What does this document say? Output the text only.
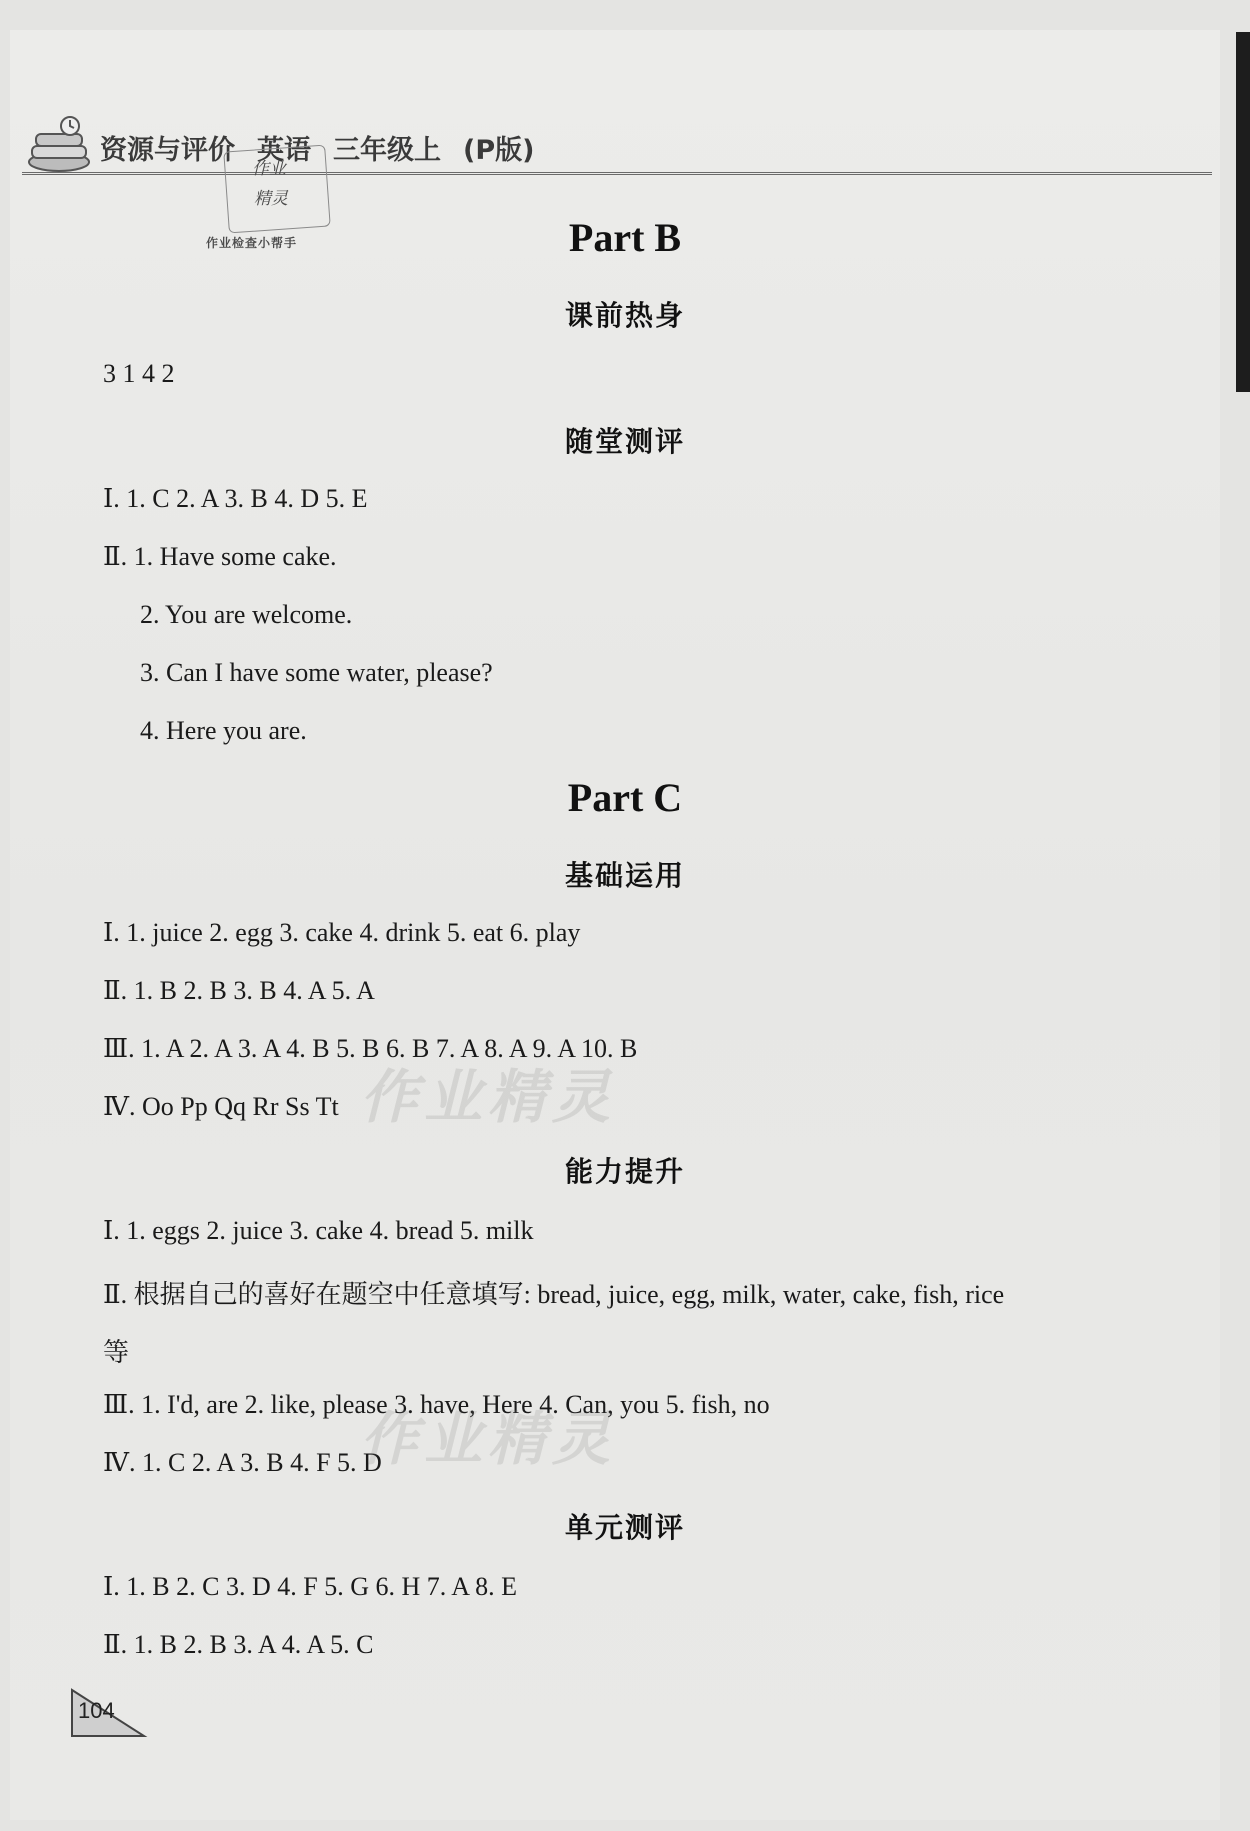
资源与评价 英语 三年级上 (P版)
作业
精灵
作业检查小帮手	Part B
课前热身
3 1 4 2
随堂测评
Ⅰ. 1. C 2. A 3. B 4. D 5. E
Ⅱ. 1. Have some cake.
2. You are welcome.
3. Can I have some water, please?
4. Here you are.
Part C
基础运用
Ⅰ. 1. juice 2. egg 3. cake 4. drink 5. eat 6. play
Ⅱ. 1. B 2. B 3. B 4. A 5. A
Ⅲ. 1. A 2. A 3. A 4. B 5. B 6. B 7. A 8. A 9. A 10. B
Ⅳ. Oo Pp Qq Rr Ss Tt
能力提升
Ⅰ. 1. eggs 2. juice 3. cake 4. bread 5. milk
Ⅱ. 根据自己的喜好在题空中任意填写: bread, juice, egg, milk, water, cake, fish, rice
等
Ⅲ. 1. I'd, are 2. like, please 3. have, Here 4. Can, you 5. fish, no
Ⅳ. 1. C 2. A 3. B 4. F 5. D
单元测评
Ⅰ. 1. B 2. C 3. D 4. F 5. G 6. H 7. A 8. E
Ⅱ. 1. B 2. B 3. A 4. A 5. C
作业精灵
作业精灵
104
